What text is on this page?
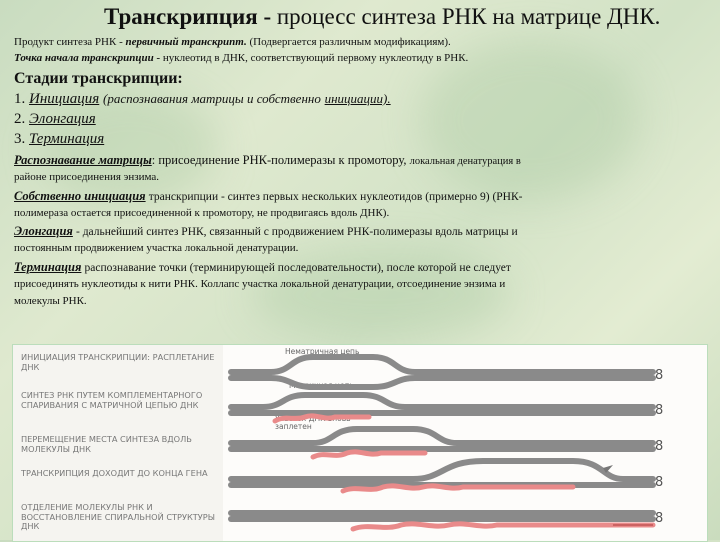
Транскрипция - процесс синтеза РНК на матрице ДНК.
Продукт синтеза РНК - первичный транскрипт. (Подвергается различным модификациям).
Точка начала транскрипции - нуклеотид в ДНК, соответствующий первому нуклеотиду в РНК.
Стадии транскрипции:
1. Инициация (распознавания матрицы и собственно инициации).
2. Элонгация
3. Терминация
Распознавание матрицы: присоединение РНК-полимеразы к промотору, локальная денатурация в
районе присоединения энзима.
Собственно инициация транскрипции - синтез первых нескольких нуклеотидов (примерно 9) (РНК-
полимераза остается присоединенной к промотору, не продвигаясь вдоль ДНК).
Элонгация - дальнейший синтез РНК, связанный с продвижением РНК-полимеразы вдоль матрицы и
постоянным продвижением участка локальной денатурации.
Терминация распознавание точки (терминирующей последовательности), после которой не следует
присоединять нуклеотиды к нити РНК. Коллапс участка локальной денатурации, отсоединение энзима и
молекулы РНК.
ИНИЦИАЦИЯ ТРАНСКРИПЦИИ: РАСПЛЕТАНИЕ ДНК
СИНТЕЗ РНК ПУТЕМ КОМПЛЕМЕНТАРНОГО СПАРИВАНИЯ С МАТРИЧНОЙ ЦЕПЬЮ ДНК
ПЕРЕМЕЩЕНИЕ МЕСТА СИНТЕЗА ВДОЛЬ МОЛЕКУЛЫ ДНК
ТРАНСКРИПЦИЯ ДОХОДИТ ДО КОНЦА ГЕНА
ОТДЕЛЕНИЕ МОЛЕКУЛЫ РНК И ВОССТАНОВЛЕНИЕ СПИРАЛЬНОЙ СТРУКТУРЫ ДНК
Нематричная цепь
Матричная цепь
Участок ДНК вновь заплетен
8
8
8
8
8
